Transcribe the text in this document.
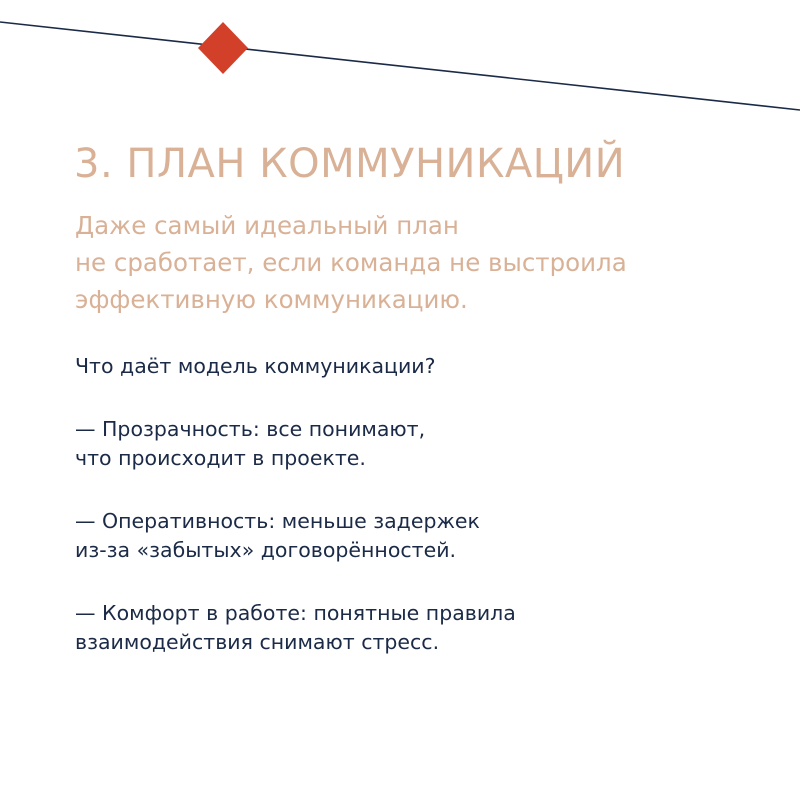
3. ПЛАН КОММУНИКАЦИЙ
Даже самый идеальный план
не сработает, если команда не выстроила
эффективную коммуникацию.

Что даёт модель коммуникации?

— Прозрачность: все понимают,
что происходит в проекте.

— Оперативность: меньше задержек
из-за «забытых» договорённостей.

— Комфорт в работе: понятные правила
взаимодействия снимают стресс.
